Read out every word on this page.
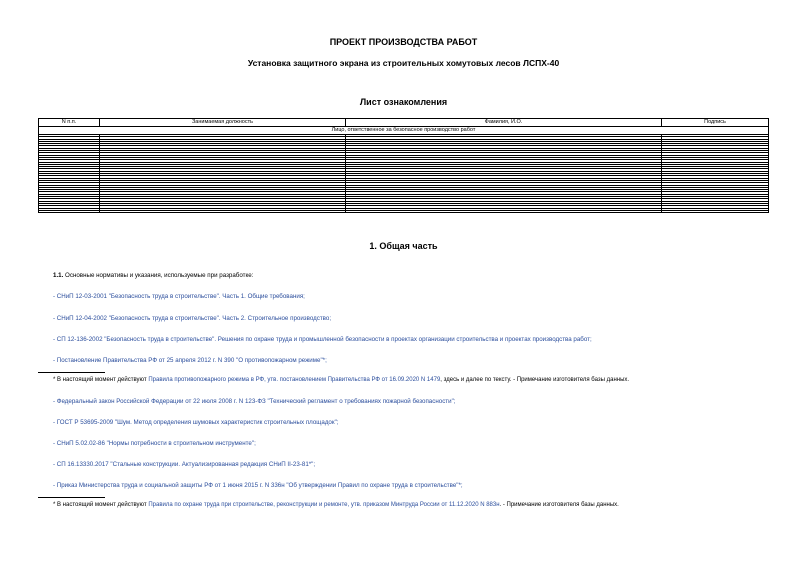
ПРОЕКТ ПРОИЗВОДСТВА РАБОТ
Установка защитного экрана из строительных хомутовых лесов ЛСПХ-40
Лист ознакомления
N п.п.	Занимаемая должность	Фамилия, И.О.	Подпись
Лицо, ответственное за безопасное производство работ			

1. Общая часть
1.1. Основные нормативы и указания, используемые при разработке:
- СНиП 12-03-2001 "Безопасность труда в строительстве". Часть 1. Общие требования;
- СНиП 12-04-2002 "Безопасность труда в строительстве". Часть 2. Строительное производство;
- СП 12-136-2002 "Безопасность труда в строительстве". Решения по охране труда и промышленной безопасности в проектах организации строительства и проектах производства работ;
- Постановление Правительства РФ от 25 апреля 2012 г. N 390 "О противопожарном режиме"*;
* В настоящий момент действуют Правила противопожарного режима в РФ, утв. постановлением Правительства РФ от 16.09.2020 N 1479, здесь и далее по тексту. - Примечание изготовителя базы данных.
- Федеральный закон Российской Федерации от 22 июля 2008 г. N 123-ФЗ "Технический регламент о требованиях пожарной безопасности";
- ГОСТ Р 53695-2009 "Шум. Метод определения шумовых характеристик строительных площадок";
- СНиП 5.02.02-86 "Нормы потребности в строительном инструменте";
- СП 16.13330.2017 "Стальные конструкции. Актуализированная редакция СНиП II-23-81*";
- Приказ Министерства труда и социальной защиты РФ от 1 июня 2015 г. N 336н "Об утверждении Правил по охране труда в строительстве"*;
* В настоящий момент действуют Правила по охране труда при строительстве, реконструкции и ремонте, утв. приказом Минтруда России от 11.12.2020 N 883н. - Примечание изготовителя базы данных.
